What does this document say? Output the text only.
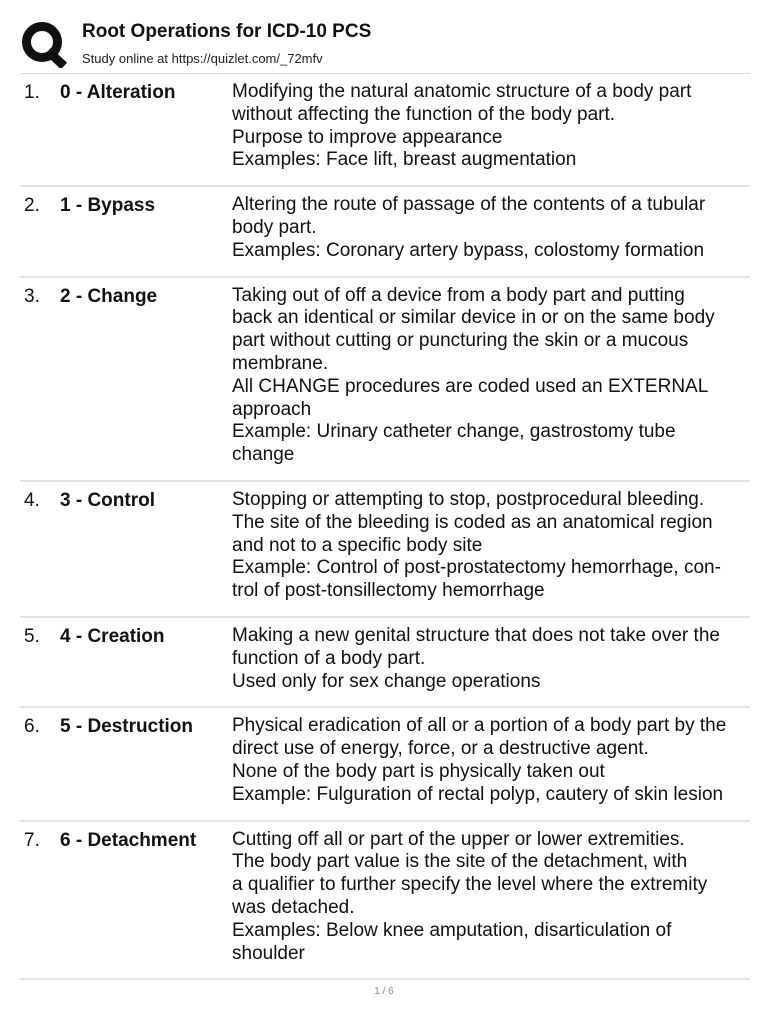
Root Operations for ICD-10 PCS
Study online at https://quizlet.com/_72mfv
1.	0 - Alteration	Modifying the natural anatomic structure of a body part
without affecting the function of the body part.
Purpose to improve appearance
Examples: Face lift, breast augmentation
2.	1 - Bypass	Altering the route of passage of the contents of a tubular
body part.
Examples: Coronary artery bypass, colostomy formation
3.	2 - Change	Taking out of off a device from a body part and putting
back an identical or similar device in or on the same body
part without cutting or puncturing the skin or a mucous
membrane.
All CHANGE procedures are coded used an EXTERNAL
approach
Example: Urinary catheter change, gastrostomy tube
change
4.	3 - Control	Stopping or attempting to stop, postprocedural bleeding.
The site of the bleeding is coded as an anatomical region
and not to a specific body site
Example: Control of post-prostatectomy hemorrhage, con-
trol of post-tonsillectomy hemorrhage
5.	4 - Creation	Making a new genital structure that does not take over the
function of a body part.
Used only for sex change operations
6.	5 - Destruction	Physical eradication of all or a portion of a body part by the
direct use of energy, force, or a destructive agent.
None of the body part is physically taken out
Example: Fulguration of rectal polyp, cautery of skin lesion
7.	6 - Detachment	Cutting off all or part of the upper or lower extremities.
The body part value is the site of the detachment, with
a qualifier to further specify the level where the extremity
was detached.
Examples: Below knee amputation, disarticulation of
shoulder
1 / 6
